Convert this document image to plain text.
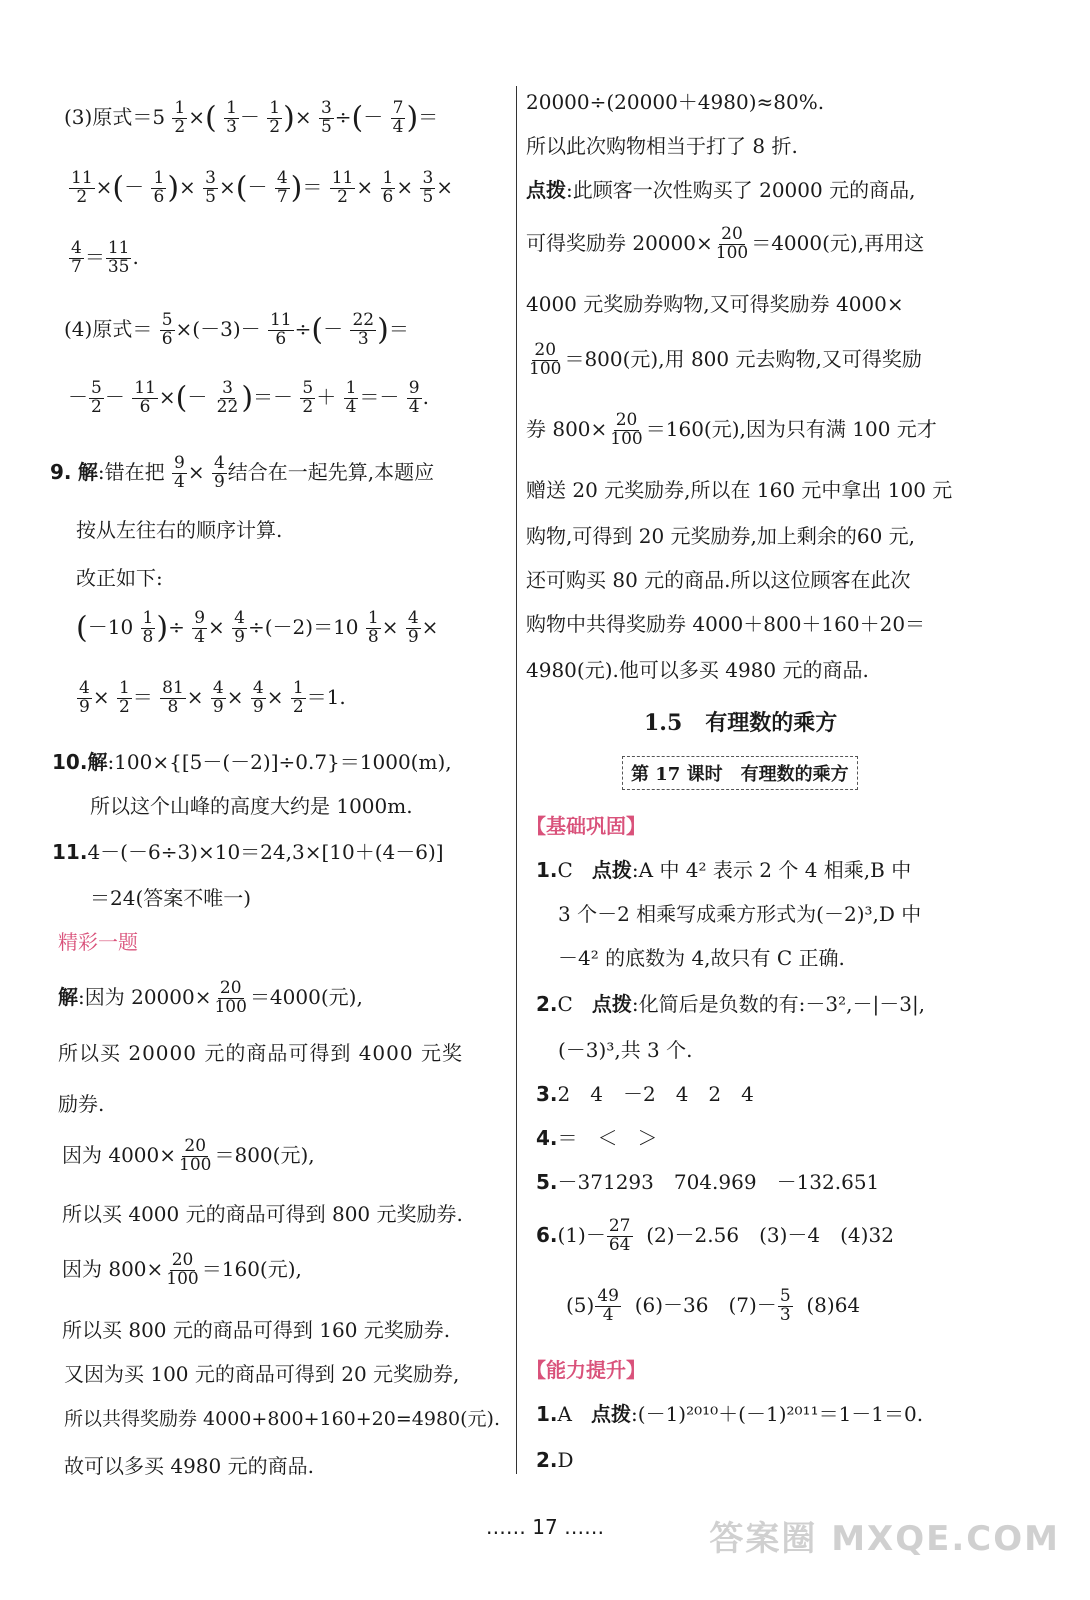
(3)原式$=5 \frac{1}{2}$ ×( $\frac{1}{3} - \frac{1}{2}$ )× $\frac{3}{5}$ ÷(－ $\frac{7}{4}$ )＝
$\frac{11}{2}$ ×(－ $\frac{1}{6}$ )× $\frac{3}{5}$ ×(－ $\frac{4}{7}$ )＝ $\frac{11}{2} \times \frac{1}{6} \times \frac{3}{5}$ ×
$\frac{4}{7} = \frac{11}{35}$ .
(4)原式＝ $\frac{5}{6} \times(-3)- \frac{11}{6}$ ÷(－ $\frac{22}{3}$ )＝
－ $\frac{5}{2} - \frac{11}{6}$ ×(－ $\frac{3}{22}$ )＝－ $\frac{5}{2} + \frac{1}{4} =- \frac{9}{4}$ .
9. 解:错在把 $\frac{9}{4} \times \frac{4}{9}$ 结合在一起先算,本题应
按从左往右的顺序计算.
改正如下:
($-10 \frac{1}{8}$ )÷ $\frac{9}{4} \times \frac{4}{9} \div(-2)=10 \frac{1}{8} \times \frac{4}{9}$ ×
$\frac{4}{9} \times \frac{1}{2} = \frac{81}{8} \times \frac{4}{9} \times \frac{4}{9} \times \frac{1}{2} =1$.
10.解:100×{[5－(－2)]÷0.7}＝1000(m),
所以这个山峰的高度大约是 1000m.
11.4－(－6÷3)×10＝24,3×[10＋(4－6)]
＝24(答案不唯一)
精彩一题
解:因为 $20000\times \frac{20}{100} =4000$(元),
所以买 20000 元的商品可得到 4000 元奖
励券.
因为 $4000\times \frac{20}{100} =800$(元),
所以买 4000 元的商品可得到 800 元奖励券.
因为 $800\times \frac{20}{100} =160$(元),
所以买 800 元的商品可得到 160 元奖励券.
又因为买 100 元的商品可得到 20 元奖励券,
所以共得奖励券 4000+800+160+20=4980(元).
故可以多买 4980 元的商品.
20000÷(20000＋4980)≈80%.
所以此次购物相当于打了 8 折.
点拨:此顾客一次性购买了 20000 元的商品,
可得奖励券 $20000\times \frac{20}{100} =4000$(元),再用这
4000 元奖励券购物,又可得奖励券 4000×
$\frac{20}{100} =800$(元),用 800 元去购物,又可得奖励
券 $800\times \frac{20}{100} =160$(元),因为只有满 100 元才
赠送 20 元奖励券,所以在 160 元中拿出 100 元
购物,可得到 20 元奖励券,加上剩余的60 元,
还可购买 80 元的商品.所以这位顾客在此次
购物中共得奖励券 4000＋800＋160＋20＝
4980(元).他可以多买 4980 元的商品.
1.5 有理数的乘方
第 17 课时　有理数的乘方
【基础巩固】
1.C 点拨:A 中 4² 表示 2 个 4 相乘,B 中
3 个－2 相乘写成乘方形式为(－2)³,D 中
－4² 的底数为 4,故只有 C 正确.
2.C 点拨:化简后是负数的有:－3²,－|－3|,
(－3)³,共 3 个.
3.2　4　－2　4　2　4
4.＝　＜　＞
5.－371293　704.969　－132.651
$6.(1)- \frac{27}{64} (2)-2.56$　(3)－4　(4)32
$(5) \frac{49}{4} (6)-36$　$(7)- \frac{5}{3} (8)64$
【能力提升】
1.A 点拨:(－1)²⁰¹⁰＋(－1)²⁰¹¹＝1－1＝0.
2.D
…… 17 ……	答案圈 MXQE.COM
